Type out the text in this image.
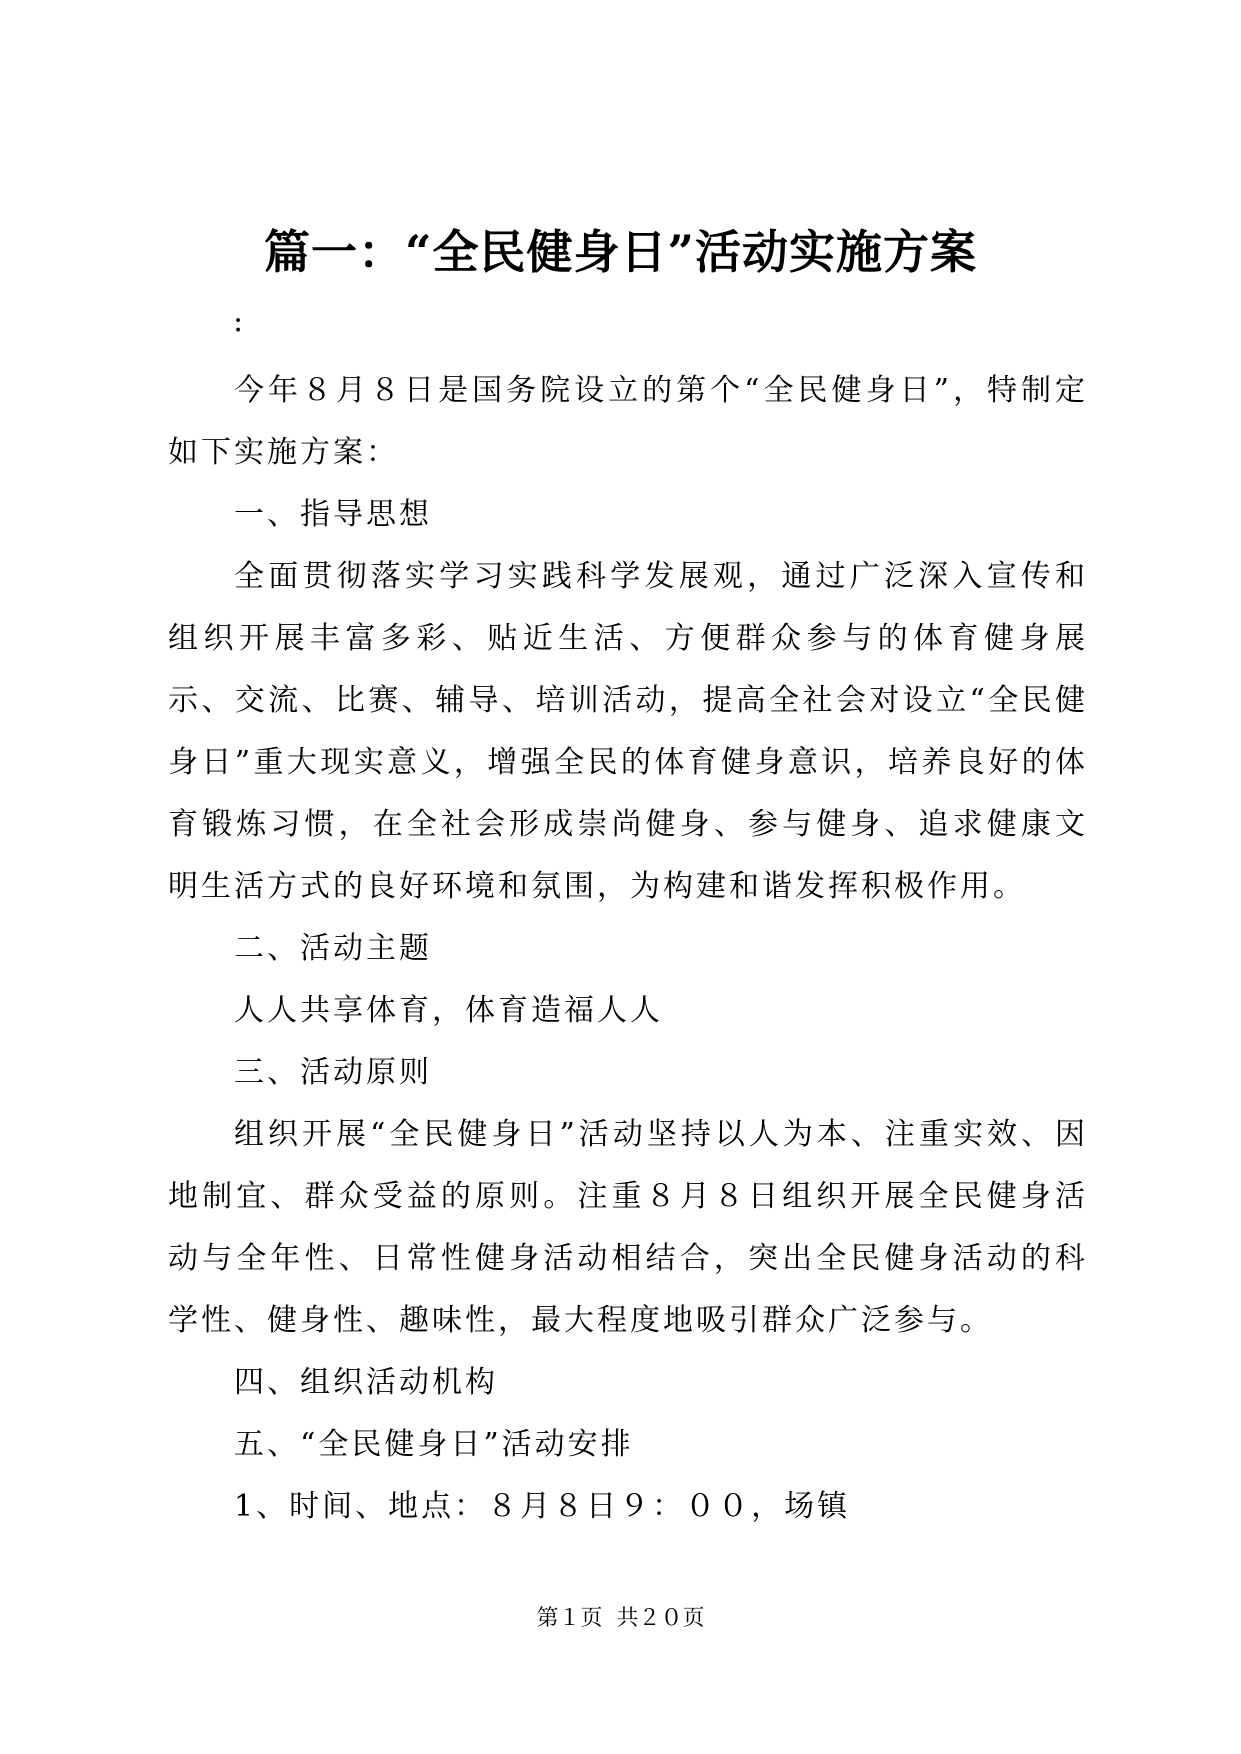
篇一：“全民健身日”活动实施方案
:

今年８月８日是国务院设立的第个“全民健身日”，特制定如下实施方案：

一、指导思想

全面贯彻落实学习实践科学发展观，通过广泛深入宣传和组织开展丰富多彩、贴近生活、方便群众参与的体育健身展示、交流、比赛、辅导、培训活动，提高全社会对设立“全民健身日”重大现实意义，增强全民的体育健身意识，培养良好的体育锻炼习惯，在全社会形成崇尚健身、参与健身、追求健康文明生活方式的良好环境和氛围，为构建和谐发挥积极作用。

二、活动主题

人人共享体育，体育造福人人

三、活动原则

组织开展“全民健身日”活动坚持以人为本、注重实效、因地制宜、群众受益的原则。注重８月８日组织开展全民健身活动与全年性、日常性健身活动相结合，突出全民健身活动的科学性、健身性、趣味性，最大程度地吸引群众广泛参与。

四、组织活动机构

五、“全民健身日”活动安排

1、时间、地点：８月８日９：００，场镇

第１页  共２０页
